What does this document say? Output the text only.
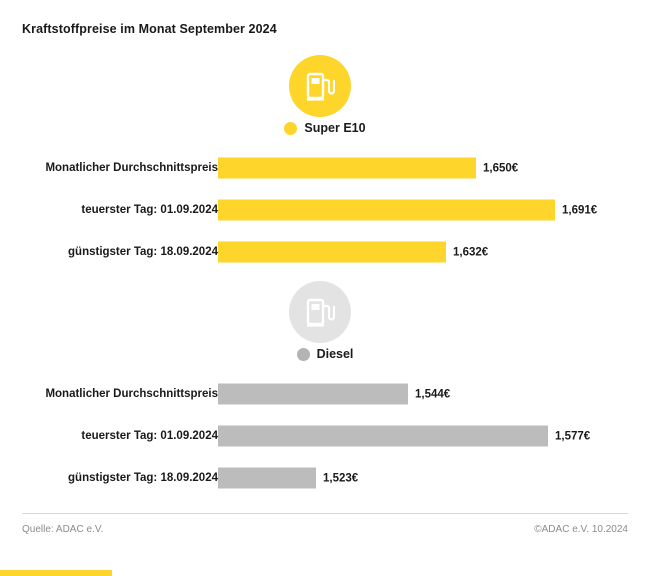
Kraftstoffpreise im Monat September 2024
Super E10
Monatlicher Durchschnittspreis	1,650€
teuerster Tag: 01.09.2024	1,691€
günstigster Tag: 18.09.2024	1,632€
Diesel
Monatlicher Durchschnittspreis	1,544€
teuerster Tag: 01.09.2024	1,577€
günstigster Tag: 18.09.2024	1,523€
Quelle: ADAC e.V.	©ADAC e.V. 10.2024
